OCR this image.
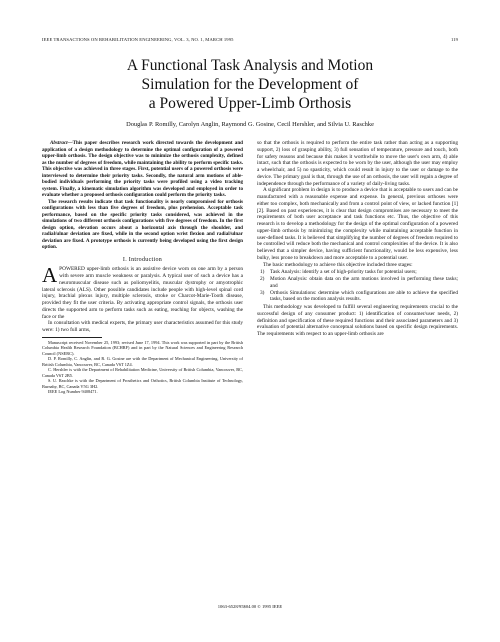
IEEE TRANSACTIONS ON REHABILITATION ENGINEERING, VOL. 3, NO. 1, MARCH 1995	119
A Functional Task Analysis and Motion
Simulation for the Development of
a Powered Upper-Limb Orthosis
Douglas P. Romilly, Carolyn Anglin, Raymond G. Gosine, Cecil Hershler, and Silvia U. Raschke

Abstract—This paper describes research work directed towards the development and application of a design methodology to determine the optimal configuration of a powered upper-limb orthosis. The design objective was to minimize the orthosis complexity, defined as the number of degrees of freedom, while maintaining the ability to perform specific tasks. This objective was achieved in three stages. First, potential users of a powered orthosis were interviewed to determine their priority tasks. Secondly, the natural arm motions of able-bodied individuals performing the priority tasks were profiled using a video tracking system. Finally, a kinematic simulation algorithm was developed and employed in order to evaluate whether a proposed orthosis configuration could perform the priority tasks.

The research results indicate that task functionality is nearly compromised for orthosis configurations with less than five degrees of freedom, plus prehension. Acceptable task performance, based on the specific priority tasks considered, was achieved in the simulations of two different orthosis configurations with five degrees of freedom. In the first design option, elevation occurs about a horizontal axis through the shoulder, and radial/ulnar deviation are fixed, while in the second option wrist flexion and radial/ulnar deviation are fixed. A prototype orthosis is currently being developed using the first design option.

I. Introduction

APOWERED upper-limb orthosis is an assistive device worn on one arm by a person with severe arm muscle weakness or paralysis. A typical user of such a device has a neuromuscular disease such as poliomyelitis, muscular dystrophy or amyotrophic lateral sclerosis (ALS). Other possible candidates include people with high-level spinal cord injury, brachial plexus injury, multiple sclerosis, stroke or Charcot-Marie-Tooth disease, provided they fit the user criteria. By activating appropriate control signals, the orthosis user directs the supported arm to perform tasks such as eating, reaching for objects, washing the face or the

In consultation with medical experts, the primary user characteristics assumed for this study were: 1) two full arms,

Manuscript received November 25, 1993; revised June 17, 1994. This work was supported in part by the British Columbia Health Research Foundation (BCHRF) and in part by the Natural Sciences and Engineering Research Council (NSERC).

D. P. Romilly, C. Anglin, and R. G. Gosine are with the Department of Mechanical Engineering, University of British Columbia, Vancouver, BC, Canada V6T 1Z4.

C. Hershler is with the Department of Rehabilitation Medicine, University of British Columbia, Vancouver, BC, Canada V6T 2B5.

S. U. Raschke is with the Department of Prosthetics and Orthotics, British Columbia Institute of Technology, Burnaby, BC, Canada V5G 3H2.

IEEE Log Number 9408471.

so that the orthosis is required to perform the entire task rather than acting as a supporting support, 2) loss of grasping ability, 3) full sensation of temperature, pressure and touch, both for safety reasons and because this makes it worthwhile to move the user's own arm, 4) able intact, such that the orthosis is expected to be worn by the user, although the user may employ a wheelchair, and 5) no spasticity, which could result in injury to the user or damage to the device. The primary goal is that, through the use of an orthosis, the user will regain a degree of independence through the performance of a variety of daily-living tasks.

A significant problem in design is to produce a device that is acceptable to users and can be manufactured with a reasonable expense and expense. In general, previous orthoses were either too complex, both mechanically and from a control point of view, or lacked function [1] [2]. Based on past experiences, it is clear that design compromises are necessary to meet the requirements of both user acceptance and task functions etc. Thus, the objective of this research is to develop a methodology for the design of the optimal configuration of a powered upper-limb orthosis by minimizing the complexity while maintaining acceptable function in user-defined tasks. It is believed that simplifying the number of degrees of freedom required to be controlled will reduce both the mechanical and control complexities of the device. It is also believed that a simpler device, having sufficient functionality, would be less expensive, less bulky, less prone to breakdown and more acceptable to a potential user.

The basic methodology to achieve this objective included three stages:

1) Task Analysis: identify a set of high-priority tasks for potential users;
2) Motion Analysis: obtain data on the arm motions involved in performing these tasks; and
3) Orthosis Simulations: determine which configurations are able to achieve the specified tasks, based on the motion analysis results.

This methodology was developed to fulfill several engineering requirements crucial to the successful design of any consumer product: 1) identification of consumer/user needs, 2) definition and specification of these required functions and their associated parameters and 3) evaluation of potential alternative conceptual solutions based on specific design requirements. The requirements with respect to an upper-limb orthosis are

1063-6528/95$04.00 © 1995 IEEE
